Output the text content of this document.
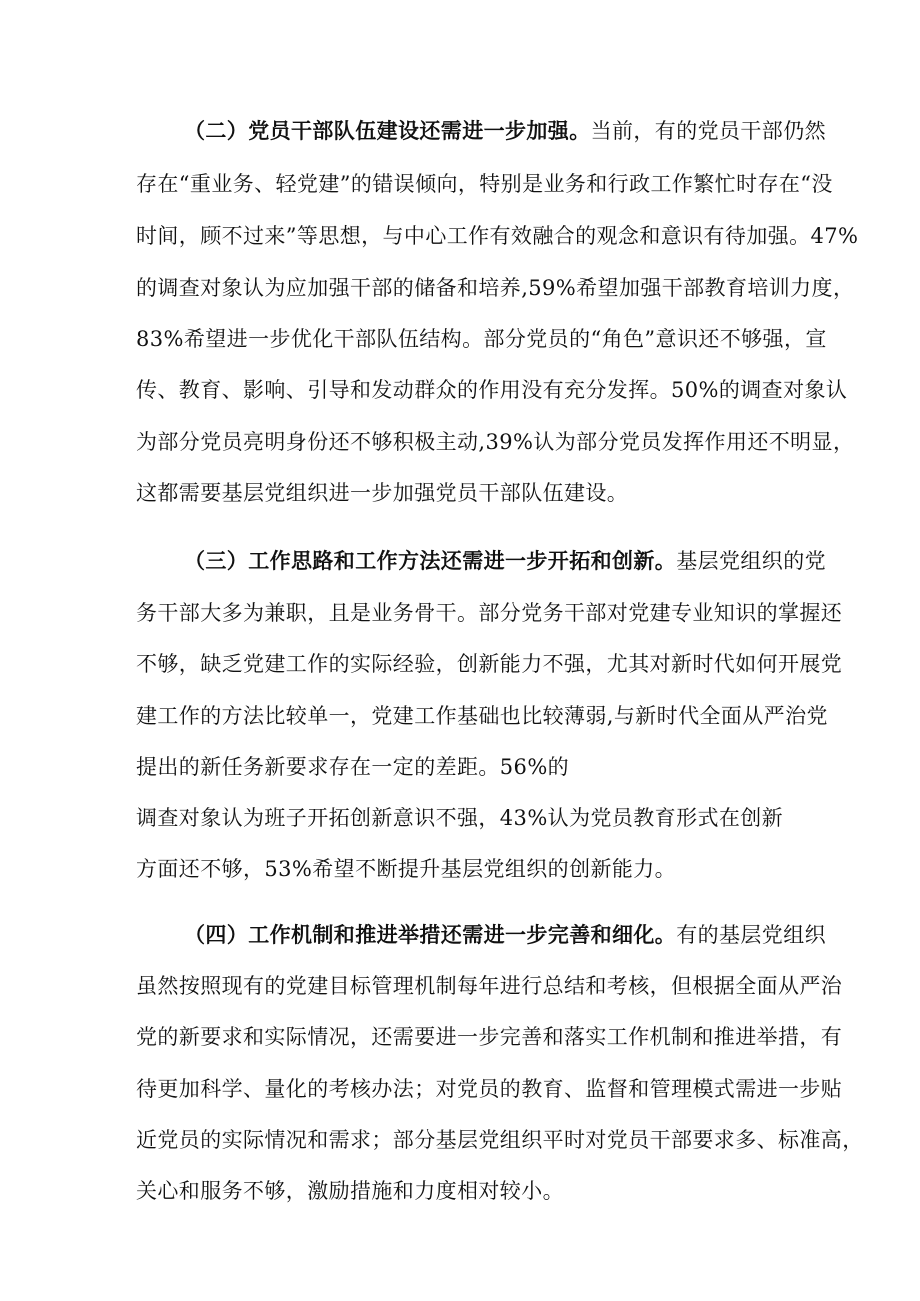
（二）党员干部队伍建设还需进一步加强。当前，有的党员干部仍然
存在“重业务、轻党建”的错误倾向，特别是业务和行政工作繁忙时存在“没
时间，顾不过来”等思想，与中心工作有效融合的观念和意识有待加强。47%
的调查对象认为应加强干部的储备和培养,59%希望加强干部教育培训力度，
83%希望进一步优化干部队伍结构。部分党员的“角色”意识还不够强，宣
传、教育、影响、引导和发动群众的作用没有充分发挥。50%的调查对象认
为部分党员亮明身份还不够积极主动,39%认为部分党员发挥作用还不明显，
这都需要基层党组织进一步加强党员干部队伍建设。
（三）工作思路和工作方法还需进一步开拓和创新。基层党组织的党
务干部大多为兼职，且是业务骨干。部分党务干部对党建专业知识的掌握还
不够，缺乏党建工作的实际经验，创新能力不强，尤其对新时代如何开展党
建工作的方法比较单一，党建工作基础也比较薄弱,与新时代全面从严治党
提出的新任务新要求存在一定的差距。56%的
调查对象认为班子开拓创新意识不强，43%认为党员教育形式在创新
方面还不够，53%希望不断提升基层党组织的创新能力。
（四）工作机制和推进举措还需进一步完善和细化。有的基层党组织
虽然按照现有的党建目标管理机制每年进行总结和考核，但根据全面从严治
党的新要求和实际情况，还需要进一步完善和落实工作机制和推进举措，有
待更加科学、量化的考核办法；对党员的教育、监督和管理模式需进一步贴
近党员的实际情况和需求；部分基层党组织平时对党员干部要求多、标准高，
关心和服务不够，激励措施和力度相对较小。
